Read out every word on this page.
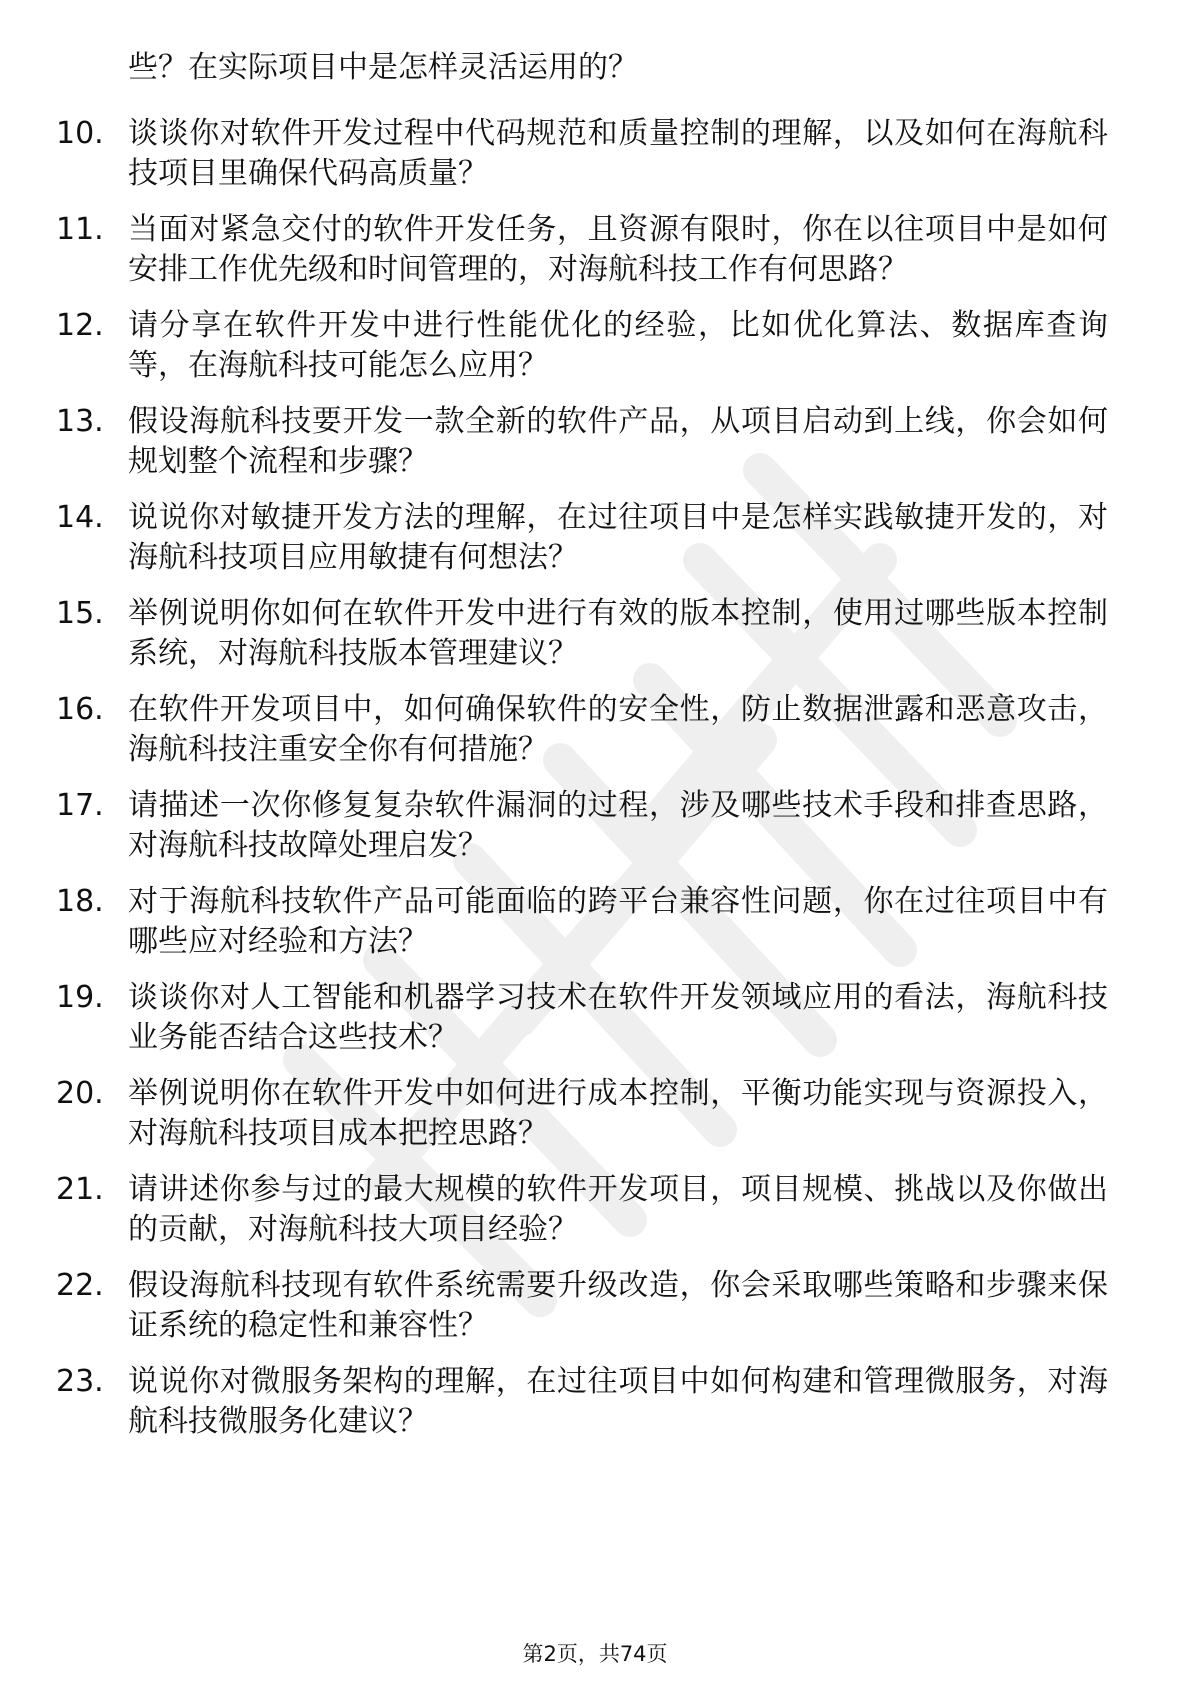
些？在实际项目中是怎样灵活运用的？
10. 谈谈你对软件开发过程中代码规范和质量控制的理解，以及如何在海航科技项目里确保代码高质量？
11. 当面对紧急交付的软件开发任务，且资源有限时，你在以往项目中是如何安排工作优先级和时间管理的，对海航科技工作有何思路？
12. 请分享在软件开发中进行性能优化的经验，比如优化算法、数据库查询等，在海航科技可能怎么应用？
13. 假设海航科技要开发一款全新的软件产品，从项目启动到上线，你会如何规划整个流程和步骤？
14. 说说你对敏捷开发方法的理解，在过往项目中是怎样实践敏捷开发的，对海航科技项目应用敏捷有何想法？
15. 举例说明你如何在软件开发中进行有效的版本控制，使用过哪些版本控制系统，对海航科技版本管理建议？
16. 在软件开发项目中，如何确保软件的安全性，防止数据泄露和恶意攻击，海航科技注重安全你有何措施？
17. 请描述一次你修复复杂软件漏洞的过程，涉及哪些技术手段和排查思路，对海航科技故障处理启发？
18. 对于海航科技软件产品可能面临的跨平台兼容性问题，你在过往项目中有哪些应对经验和方法？
19. 谈谈你对人工智能和机器学习技术在软件开发领域应用的看法，海航科技业务能否结合这些技术？
20. 举例说明你在软件开发中如何进行成本控制，平衡功能实现与资源投入，对海航科技项目成本把控思路？
21. 请讲述你参与过的最大规模的软件开发项目，项目规模、挑战以及你做出的贡献，对海航科技大项目经验？
22. 假设海航科技现有软件系统需要升级改造，你会采取哪些策略和步骤来保证系统的稳定性和兼容性？
23. 说说你对微服务架构的理解，在过往项目中如何构建和管理微服务，对海航科技微服务化建议？
第2页，共74页
